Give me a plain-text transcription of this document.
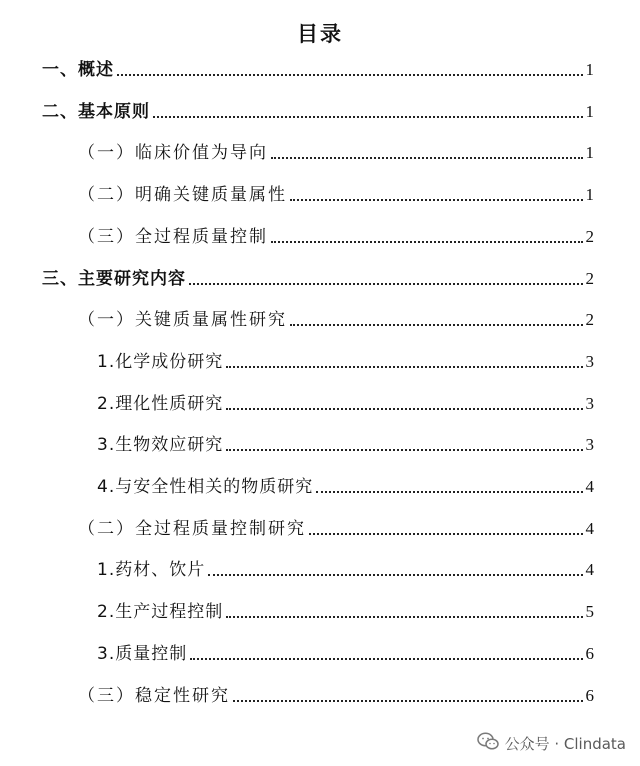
目录
一、概述	1
二、基本原则	1
（一）临床价值为导向	1
（二）明确关键质量属性	1
（三）全过程质量控制	2
三、主要研究内容	2
（一）关键质量属性研究	2
1.化学成份研究	3
2.理化性质研究	3
3.生物效应研究	3
4.与安全性相关的物质研究	4
（二）全过程质量控制研究	4
1.药材、饮片	4
2.生产过程控制	5
3.质量控制	6
（三）稳定性研究	6
公众号 · Clindata
